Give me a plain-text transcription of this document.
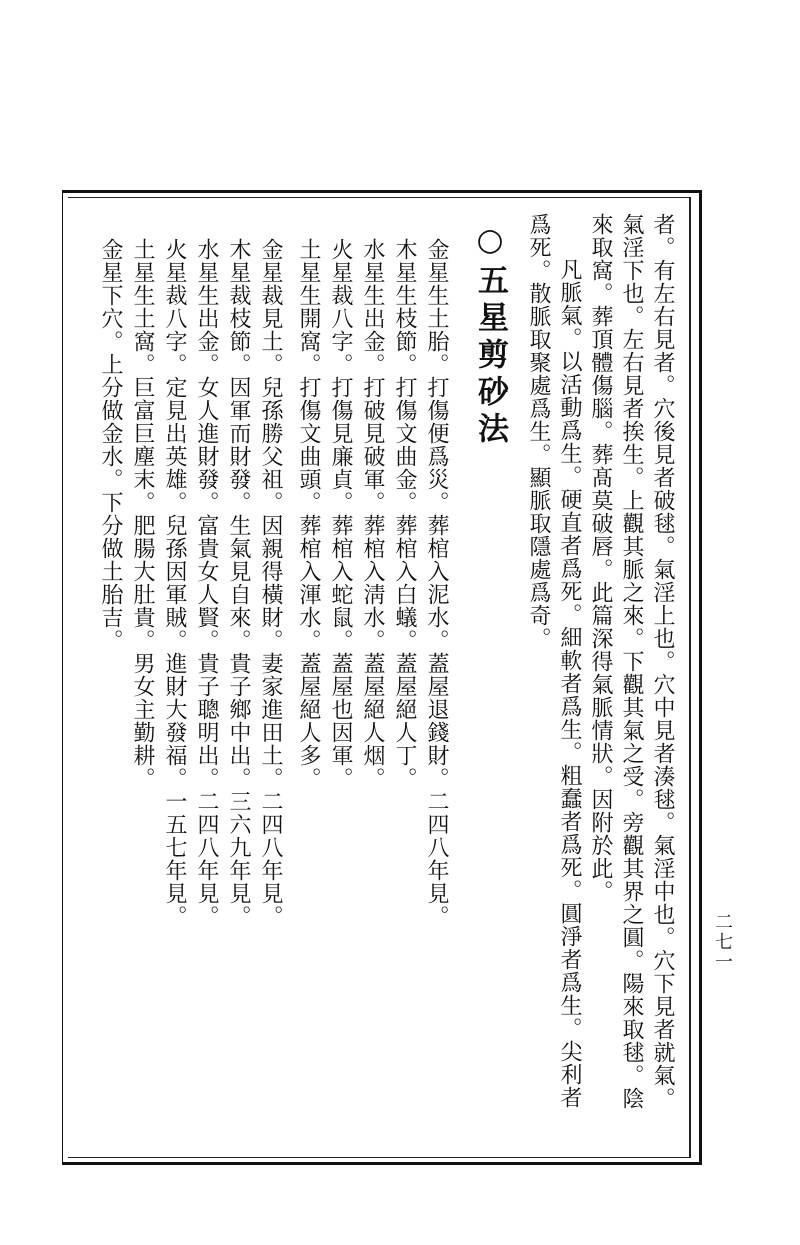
者。有左右見者。穴後見者破毬。氣淫上也。穴中見者湊毬。氣淫中也。穴下見者就氣。
氣淫下也。左右見者挨生。上觀其脈之來。下觀其氣之受。旁觀其界之圓。陽來取毬。陰
來取窩。葬頂體傷腦。葬髙莫破唇。此篇深得氣脈情狀。因附於此。
凡脈氣。以活動爲生。硬直者爲死。細軟者爲生。粗蠢者爲死。圓淨者爲生。尖利者
爲死。散脈取聚處爲生。顯脈取隱處爲奇。
○五星剪砂法
金星生土胎。打傷便爲災。葬棺入泥水。蓋屋退錢財。二四八年見。
木星生枝節。打傷文曲金。葬棺入白蟻。蓋屋絕人丁。
水星生出金。打破見破軍。葬棺入淸水。蓋屋絕人烟。
火星裁八字。打傷見廉貞。葬棺入蛇鼠。蓋屋也因軍。
土星生開窩。打傷文曲頭。葬棺入渾水。蓋屋絕人多。
金星裁見土。兒孫勝父祖。因親得橫財。妻家進田土。二四八年見。
木星裁枝節。因軍而財發。生氣見自來。貴子鄉中出。三六九年見。
水星生出金。女人進財發。富貴女人賢。貴子聰明出。二四八年見。
火星裁八字。定見出英雄。兒孫因軍賊。進財大發福。一五七年見。
土星生土窩。巨富巨塵末。肥腸大肚貴。男女主勤耕。
金星下穴。上分做金水。下分做土胎吉。
二七一
